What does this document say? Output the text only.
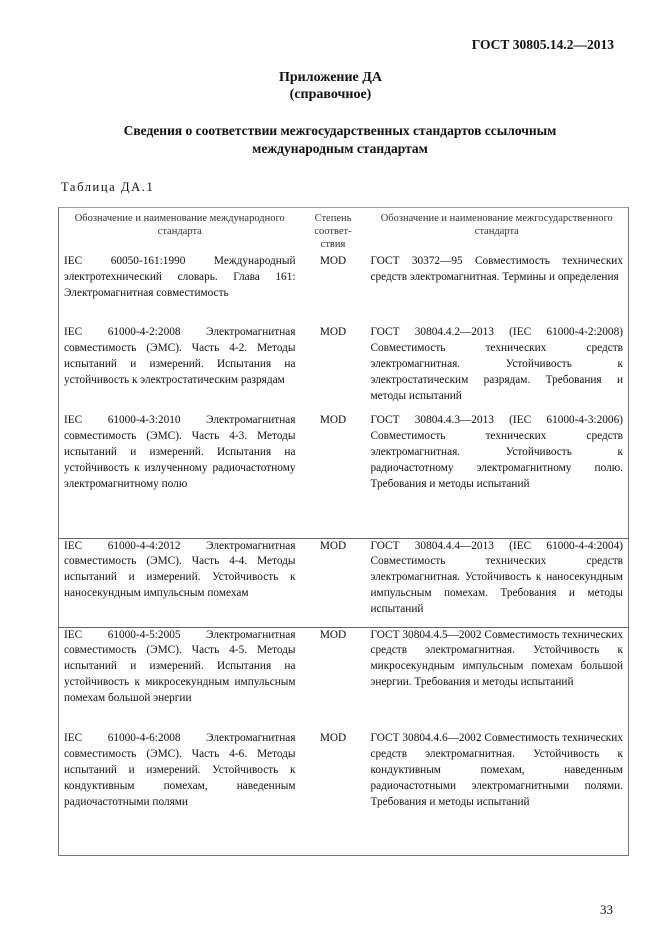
ГОСТ 30805.14.2—2013
Приложение ДА
(справочное)
Сведения о соответствии межгосударственных стандартов ссылочным
международным стандартам
Таблица ДА.1
Обозначение и наименование международного стандарта	Степень соответствия	Обозначение и наименование межгосударственного стандарта
IEC 60050-161:1990 Международный электротехнический словарь. Глава 161: Электромагнитная совместимость	MOD	ГОСТ 30372—95 Совместимость технических средств электромагнитная. Термины и определения
IEC 61000-4-2:2008 Электромагнитная совместимость (ЭМС). Часть 4-2. Методы испытаний и измерений. Испытания на устойчивость к электростатическим разрядам	MOD	ГОСТ 30804.4.2—2013 (IEC 61000-4-2:2008) Совместимость технических средств электромагнитная. Устойчивость к электростатическим разрядам. Требования и методы испытаний
IEC 61000-4-3:2010 Электромагнитная совместимость (ЭМС). Часть 4-3. Методы испытаний и измерений. Испытания на устойчивость к излученному радиочастотному электромагнитному полю	MOD	ГОСТ 30804.4.3—2013 (IEC 61000-4-3:2006) Совместимость технических средств электромагнитная. Устойчивость к радиочастотному электромагнитному полю. Требования и методы испытаний
IEC 61000-4-4:2012 Электромагнитная совместимость (ЭМС). Часть 4-4. Методы испытаний и измерений. Устойчивость к наносекундным импульсным помехам	MOD	ГОСТ 30804.4.4—2013 (IEC 61000-4-4:2004) Совместимость технических средств электромагнитная. Устойчивость к наносекундным импульсным помехам. Требования и методы испытаний
IEC 61000-4-5:2005 Электромагнитная совместимость (ЭМС). Часть 4-5. Методы испытаний и измерений. Испытания на устойчивость к микросекундным импульсным помехам большой энергии	MOD	ГОСТ 30804.4.5—2002 Совместимость технических средств электромагнитная. Устойчивость к микросекундным импульсным помехам большой энергии. Требования и методы испытаний
IEC 61000-4-6:2008 Электромагнитная совместимость (ЭМС). Часть 4-6. Методы испытаний и измерений. Устойчивость к кондуктивным помехам, наведенным радиочастотными полями	MOD	ГОСТ 30804.4.6—2002 Совместимость технических средств электромагнитная. Устойчивость к кондуктивным помехам, наведенным радиочастотными электромагнитными полями. Требования и методы испытаний
33
